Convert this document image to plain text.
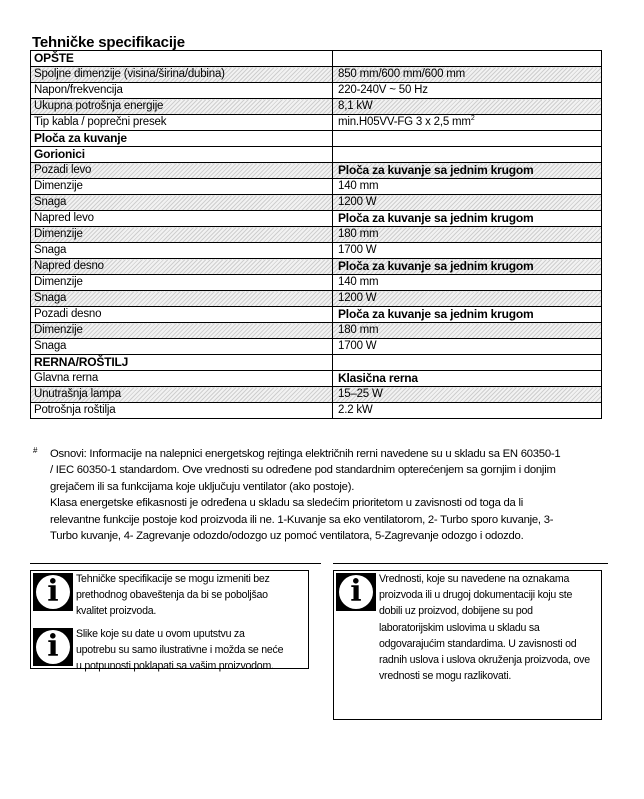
Tehničke specifikacije
OPŠTE	
Spoljne dimenzije (visina/širina/dubina)	850 mm/600 mm/600 mm
Napon/frekvencija	220-240V ~ 50 Hz
Ukupna potrošnja energije	8,1 kW
Tip kabla / poprečni presek	min.H05VV-FG 3 x 2,5 $mm^2$
Ploča za kuvanje	
Gorionici	
Pozadi levo	Ploča za kuvanje sa jednim krugom
Dimenzije	140 mm
Snaga	1200 W
Napred levo	Ploča za kuvanje sa jednim krugom
Dimenzije	180 mm
Snaga	1700 W
Napred desno	Ploča za kuvanje sa jednim krugom
Dimenzije	140 mm
Snaga	1200 W
Pozadi desno	Ploča za kuvanje sa jednim krugom
Dimenzije	180 mm
Snaga	1700 W
RERNA/ROŠTILJ	
Glavna rerna	Klasična rerna
Unutrašnja lampa	15–25 W
Potrošnja roštilja	2.2 kW
# Osnovi: Informacije na nalepnici energetskog rejtinga električnih rerni navedene su u skladu sa EN 60350-1
/ IEC 60350-1 standardom. Ove vrednosti su određene pod standardnim opterećenjem sa gornjim i donjim
grejačem ili sa funkcijama koje uključuju ventilator (ako postoje).
Klasa energetske efikasnosti je određena u skladu sa sledećim prioritetom u zavisnosti od toga da li
relevantne funkcije postoje kod proizvoda ili ne. 1-Kuvanje sa eko ventilatorom, 2- Turbo sporo kuvanje, 3-
Turbo kuvanje, 4- Zagrevanje odozdo/odozgo uz pomoć ventilatora, 5-Zagrevanje odozgo i odozdo.

i	Tehničke specifikacije se mogu izmeniti bez
prethodnog obaveštenja da bi se poboljšao
kvalitet proizvoda.
i	Slike koje su date u ovom uputstvu za
upotrebu su samo ilustrativne i možda se neće
u potpunosti poklapati sa vašim proizvodom.
i	Vrednosti, koje su navedene na oznakama
proizvoda ili u drugoj dokumentaciji koju ste
dobili uz proizvod, dobijene su pod
laboratorijskim uslovima u skladu sa
odgovarajućim standardima. U zavisnosti od
radnih uslova i uslova okruženja proizvoda, ove
vrednosti se mogu razlikovati.
